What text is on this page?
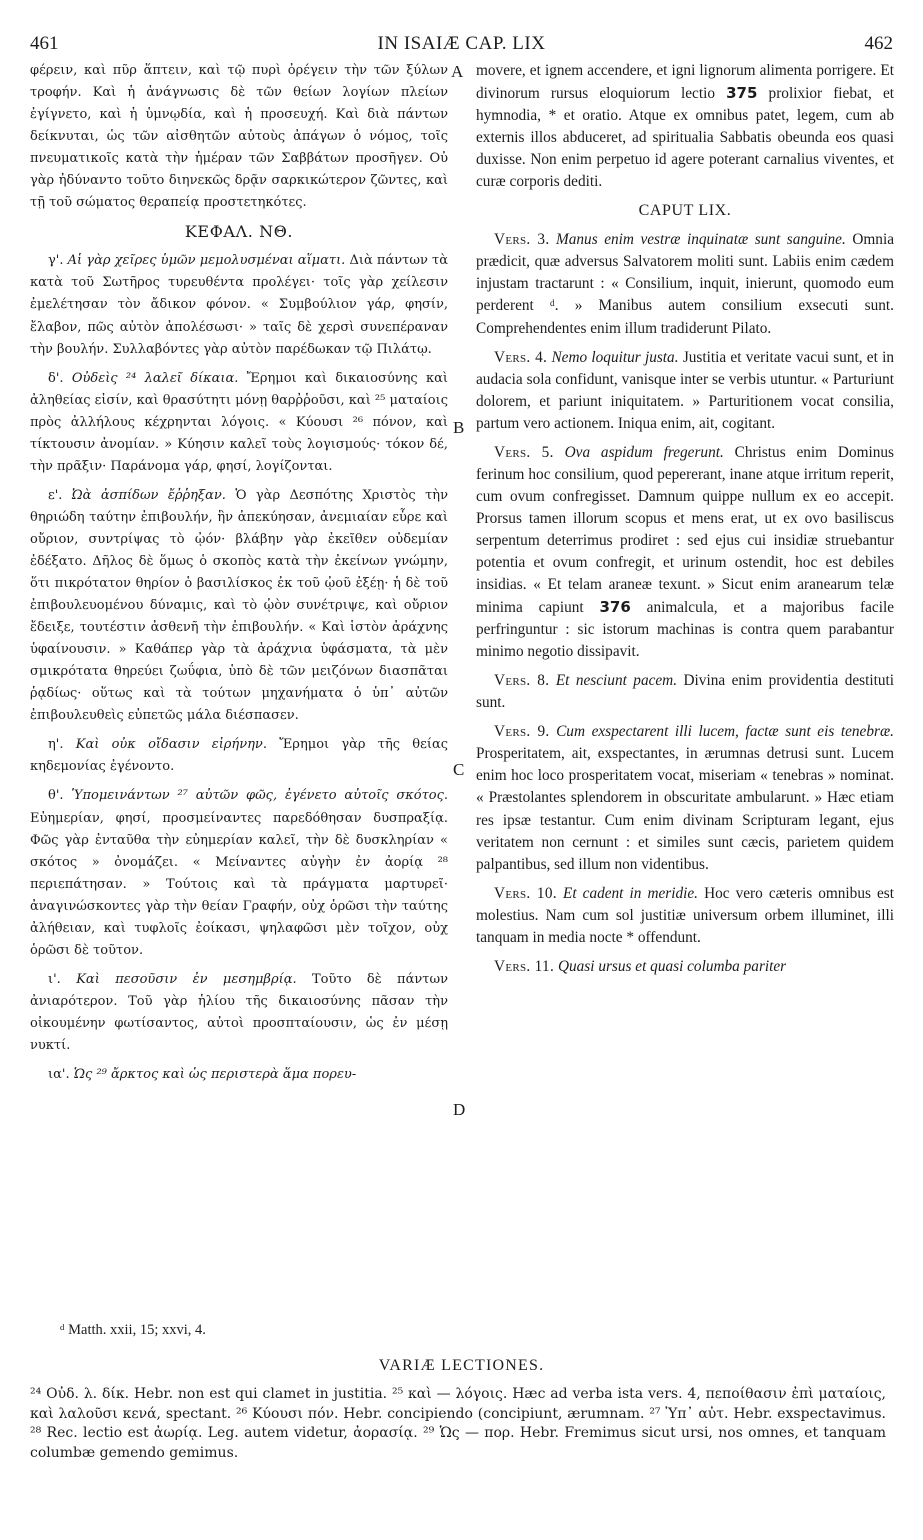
461	IN ISAIÆ CAP. LIX	462

φέρειν, καὶ πῦρ ἅπτειν, καὶ τῷ πυρὶ ὀρέγειν τὴν τῶν ξύλων τροφήν. Καὶ ἡ ἀνάγνωσις δὲ τῶν θείων λογίων πλείων ἐγίγνετο, καὶ ἡ ὑμνῳδία, καὶ ἡ προσευχή. Καὶ διὰ πάντων δείκνυται, ὡς τῶν αἰσθητῶν αὐτοὺς ἀπάγων ὁ νόμος, τοῖς πνευματικοῖς κατὰ τὴν ἡμέραν τῶν Σαββάτων προσῆγεν. Οὐ γὰρ ἠδύναντο τοῦτο διηνεκῶς δρᾷν σαρκικώτερον ζῶντες, καὶ τῇ τοῦ σώματος θεραπείᾳ προστετηκότες.

ΚΕΦΑΛ. ΝΘ.

γ'. Αἱ γὰρ χεῖρες ὑμῶν μεμολυσμέναι αἵματι. Διὰ πάντων τὰ κατὰ τοῦ Σωτῆρος τυρευθέντα προλέγει· τοῖς γὰρ χείλεσιν ἐμελέτησαν τὸν ἄδικον φόνον. « Συμβούλιον γάρ, φησίν, ἔλαβον, πῶς αὐτὸν ἀπολέσωσι· » ταῖς δὲ χερσὶ συνεπέραναν τὴν βουλήν. Συλλαβόντες γὰρ αὐτὸν παρέδωκαν τῷ Πιλάτῳ.

δ'. Οὐδεὶς ²⁴ λαλεῖ δίκαια. Ἔρημοι καὶ δικαιοσύνης καὶ ἀληθείας εἰσίν, καὶ θρασύτητι μόνῃ θαρῤῥοῦσι, καὶ ²⁵ ματαίοις πρὸς ἀλλήλους κέχρηνται λόγοις. « Κύουσι ²⁶ πόνον, καὶ τίκτουσιν ἀνομίαν. » Κύησιν καλεῖ τοὺς λογισμούς· τόκον δέ, τὴν πρᾶξιν· Παράνομα γάρ, φησί, λογίζονται.

ε'. Ὠὰ ἀσπίδων ἔῤῥηξαν. Ὁ γὰρ Δεσπότης Χριστὸς τὴν θηριώδη ταύτην ἐπιβουλήν, ἣν ἀπεκύησαν, ἀνεμιαίαν εὗρε καὶ οὔριον, συντρίψας τὸ ᾠόν· βλάβην γὰρ ἐκεῖθεν οὐδεμίαν ἐδέξατο. Δῆλος δὲ ὅμως ὁ σκοπὸς κατὰ τὴν ἐκείνων γνώμην, ὅτι πικρότατον θηρίον ὁ βασιλίσκος ἐκ τοῦ ᾠοῦ ἐξέῃ· ἡ δὲ τοῦ ἐπιβουλευομένου δύναμις, καὶ τὸ ᾠὸν συνέτριψε, καὶ οὔριον ἔδειξε, τουτέστιν ἀσθενῆ τὴν ἐπιβουλήν. « Καὶ ἱστὸν ἀράχνης ὑφαίνουσιν. » Καθάπερ γὰρ τὰ ἀράχνια ὑφάσματα, τὰ μὲν σμικρότατα θηρεύει ζωΰφια, ὑπὸ δὲ τῶν μειζόνων διασπᾶται ῥᾳδίως· οὕτως καὶ τὰ τούτων μηχανήματα ὁ ὑπ᾽ αὐτῶν ἐπιβουλευθεὶς εὐπετῶς μάλα διέσπασεν.

η'. Καὶ οὐκ οἴδασιν εἰρήνην. Ἔρημοι γὰρ τῆς θείας κηδεμονίας ἐγένοντο.

θ'. Ὑπομεινάντων ²⁷ αὐτῶν φῶς, ἐγένετο αὐτοῖς σκότος. Εὐημερίαν, φησί, προσμείναντες παρεδόθησαν δυσπραξίᾳ. Φῶς γὰρ ἐνταῦθα τὴν εὐημερίαν καλεῖ, τὴν δὲ δυσκληρίαν « σκότος » ὀνομάζει. « Μείναντες αὐγὴν ἐν ἀορίᾳ ²⁸ περιεπάτησαν. » Τούτοις καὶ τὰ πράγματα μαρτυρεῖ· ἀναγινώσκοντες γὰρ τὴν θείαν Γραφήν, οὐχ ὁρῶσι τὴν ταύτης ἀλήθειαν, καὶ τυφλοῖς ἐοίκασι, ψηλαφῶσι μὲν τοῖχον, οὐχ ὁρῶσι δὲ τοῦτον.

ι'. Καὶ πεσοῦσιν ἐν μεσημβρίᾳ. Τοῦτο δὲ πάντων ἀνιαρότερον. Τοῦ γὰρ ἡλίου τῆς δικαιοσύνης πᾶσαν τὴν οἰκουμένην φωτίσαντος, αὐτοὶ προσπταίουσιν, ὡς ἐν μέσῃ νυκτί.

ια'. Ὡς ²⁹ ἄρκτος καὶ ὡς περιστερὰ ἅμα πορευ-

A
B
C
D

movere, et ignem accendere, et igni lignorum alimenta porrigere. Et divinorum rursus eloquiorum lectio 375 prolixior fiebat, et hymnodia, * et oratio. Atque ex omnibus patet, legem, cum ab externis illos abduceret, ad spiritualia Sabbatis obeunda eos quasi duxisse. Non enim perpetuo id agere poterant carnalius viventes, et curæ corporis dediti.

CAPUT LIX.

Vers. 3. Manus enim vestræ inquinatæ sunt sanguine. Omnia prædicit, quæ adversus Salvatorem moliti sunt. Labiis enim cædem injustam tractarunt : « Consilium, inquit, inierunt, quomodo eum perderent ᵈ. » Manibus autem consilium exsecuti sunt. Comprehendentes enim illum tradiderunt Pilato.

Vers. 4. Nemo loquitur justa. Justitia et veritate vacui sunt, et in audacia sola confidunt, vanisque inter se verbis utuntur. « Parturiunt dolorem, et pariunt iniquitatem. » Parturitionem vocat consilia, partum vero actionem. Iniqua enim, ait, cogitant.

Vers. 5. Ova aspidum fregerunt. Christus enim Dominus ferinum hoc consilium, quod pepererant, inane atque irritum reperit, cum ovum confregisset. Damnum quippe nullum ex eo accepit. Prorsus tamen illorum scopus et mens erat, ut ex ovo basiliscus serpentum deterrimus prodiret : sed ejus cui insidiæ struebantur potentia et ovum confregit, et urinum ostendit, hoc est debiles insidias. « Et telam araneæ texunt. » Sicut enim aranearum telæ minima capiunt 376 animalcula, et a majoribus facile perfringuntur : sic istorum machinas is contra quem parabantur minimo negotio dissipavit.

Vers. 8. Et nesciunt pacem. Divina enim providentia destituti sunt.

Vers. 9. Cum exspectarent illi lucem, factæ sunt eis tenebræ. Prosperitatem, ait, exspectantes, in ærumnas detrusi sunt. Lucem enim hoc loco prosperitatem vocat, miseriam « tenebras » nominat. « Præstolantes splendorem in obscuritate ambularunt. » Hæc etiam res ipsæ testantur. Cum enim divinam Scripturam legant, ejus veritatem non cernunt : et similes sunt cæcis, parietem quidem palpantibus, sed illum non videntibus.

Vers. 10. Et cadent in meridie. Hoc vero cæteris omnibus est molestius. Nam cum sol justitiæ universum orbem illuminet, illi tanquam in media nocte * offendunt.

Vers. 11. Quasi ursus et quasi columba pariter

ᵈ Matth. xxii, 15; xxvi, 4.
VARIÆ LECTIONES.
²⁴ Οὐδ. λ. δίκ. Hebr. non est qui clamet in justitia. ²⁵ καὶ — λόγοις. Hæc ad verba ista vers. 4, πεποίθασιν ἐπὶ ματαίοις, καὶ λαλοῦσι κενά, spectant. ²⁶ Κύουσι πόν. Hebr. concipiendo (concipiunt, ærumnam. ²⁷ Ὑπ᾽ αὐτ. Hebr. exspectavimus. ²⁸ Rec. lectio est ἀωρίᾳ. Leg. autem videtur, ἀορασίᾳ. ²⁹ Ὡς — πορ. Hebr. Fremimus sicut ursi, nos omnes, et tanquam columbæ gemendo gemimus.
